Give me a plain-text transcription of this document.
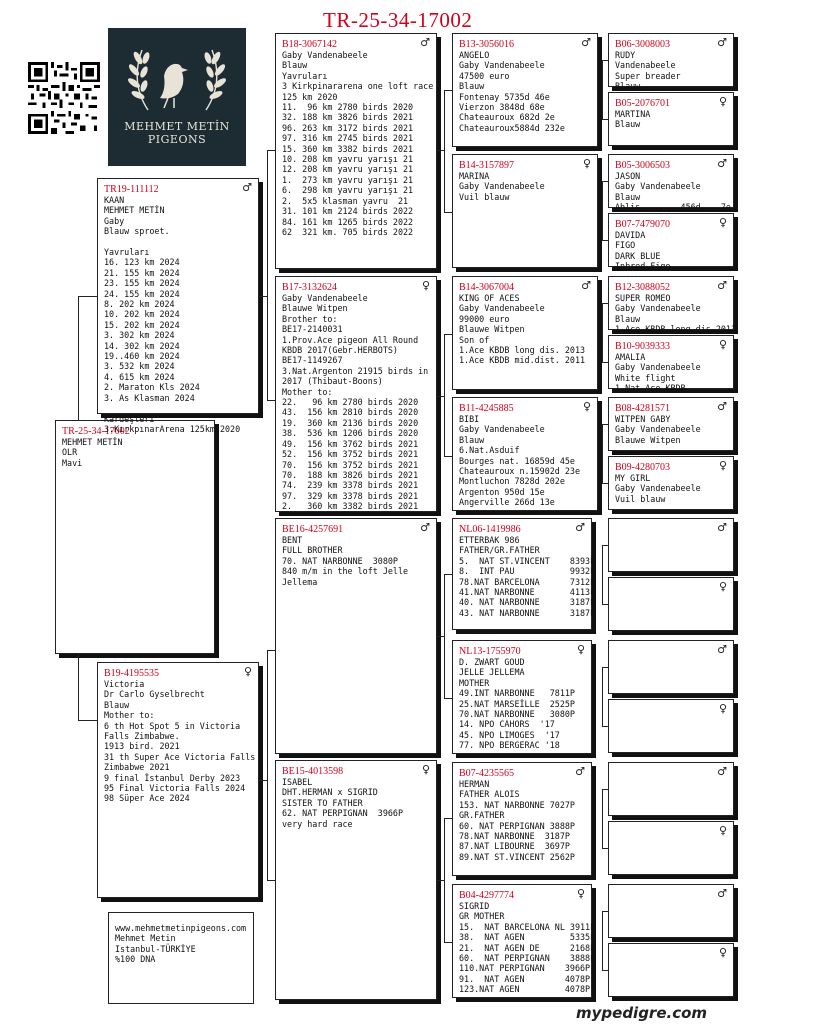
TR-25-34-17002
MEHMET METİN
PIGEONS
TR-25-34-17002
MEHMET METİN
OLR
Mavi
♂
TR19-111112
KAAN
MEHMET METİN
Gaby
Blauw sproet.
Yavruları
16. 123 km 2024
21. 155 km 2024
23. 155 km 2024
24. 155 km 2024
8. 202 km 2024
10. 202 km 2024
15. 202 km 2024
3. 302 km 2024
14. 302 km 2024
19..460 km 2024
3. 532 km 2024
4. 615 km 2024
2. Maraton Kls 2024
3. As Klasman 2024
Kardeşleri
3.KırkpınarArena 125km 2020
♀
B19-4195535
Victoria
Dr Carlo Gyselbrecht
Blauw
Mother to:
6 th Hot Spot 5 in Victoria
Falls Zimbabwe.
1913 bird. 2021
31 th Super Ace Victoria Falls
Zimbabwe 2021
9 final İstanbul Derby 2023
95 Final Victoria Falls 2024
98 Süper Ace 2024
♂
B18-3067142
Gaby Vandenabeele
Blauw
Yavruları
3 Kirkpinararena one loft race
125 km 2020
11.  96 km 2780 birds 2020
32. 188 km 3826 birds 2021
96. 263 km 3172 birds 2021
97. 316 km 2745 birds 2021
15. 360 km 3382 birds 2021
10. 208 km yavru yarışı 21
12. 208 km yavru yarışı 21
1.  273 km yavru yarışı 21
6.  298 km yavru yarışı 21
2.  5x5 klasman yavru  21
31. 101 km 2124 birds 2022
84. 161 km 1265 birds 2022
62  321 km. 705 birds 2022
♀
B17-3132624
Gaby Vandenabeele
Blauwe Witpen
Brother to:
BE17-2140031
1.Prov.Ace pigeon All Round
KBDB 2017(Gebr.HERBOTS)
BE17-1149267
3.Nat.Argenton 21915 birds in
2017 (Thibaut-Boons)
Mother to:
22.   96 km 2780 birds 2020
43.  156 km 2810 birds 2020
19.  360 km 2136 birds 2020
38.  536 km 1206 birds 2020
49.  156 km 3762 birds 2021
52.  156 km 3752 birds 2021
70.  156 km 3752 birds 2021
70.  188 km 3826 birds 2021
74.  239 km 3378 birds 2021
97.  329 km 3378 birds 2021
2.   360 km 3382 birds 2021
♂
BE16-4257691
BENT
FULL BROTHER
70. NAT NARBONNE  3080P
840 m/m in the loft Jelle
Jellema
♀
BE15-4013598
ISABEL
DHT.HERMAN x SIGRID
SISTER TO FATHER
62. NAT PERPIGNAN  3966P
very hard race
♂
B13-3056016
ANGELO
Gaby Vandenabeele
47500 euro
Blauw
Fontenay 5735d 46e
Vierzon 3848d 68e
Chateauroux 682d 2e
Chateauroux5884d 232e
♀
B14-3157897
MARINA
Gaby Vandenabeele
Vuil blauw
♂
B14-3067004
KING OF ACES
Gaby Vandenabeele
99000 euro
Blauwe Witpen
Son of
1.Ace KBDB long dis. 2013
1.Ace KBDB mid.dist. 2011
♀
B11-4245885
BIBI
Gaby Vandenabeele
Blauw
6.Nat.Asduif
Bourges nat. 16859d 45e
Chateauroux n.15902d 23e
Montluchon 7828d 202e
Argenton 950d 15e
Angerville 266d 13e
♂
NL06-1419986
ETTERBAK 986
FATHER/GR.FATHER
5.  NAT ST.VINCENT    8393P
8.  INT PAU           9932P
78.NAT BARCELONA      7312P
41.NAT NARBONNE       4113P
40. NAT NARBONNE      3187P
43. NAT NARBONNE      3187P
♀
NL13-1755970
D. ZWART GOUD
JELLE JELLEMA
MOTHER
49.INT NARBONNE   7811P
25.NAT MARSEİLLE  2525P
70.NAT NARBONNE   3080P
14. NPO CAHORS  '17
45. NPO LIMOGES  '17
77. NPO BERGERAC '18
♂
B07-4235565
HERMAN
FATHER ALOIS
153. NAT NARBONNE 7027P
GR.FATHER
60. NAT PERPIGNAN 3888P
78.NAT NARBONNE  3187P
87.NAT LIBOURNE  3697P
89.NAT ST.VINCENT 2562P
♀
B04-4297774
SIGRID
GR MOTHER
15.  NAT BARCELONA NL 3911P
38.  NAT AGEN         5335P
21.  NAT AGEN DE      2168P
60.  NAT PERPIGNAN    3888P
110.NAT PERPIGNAN    3966P
91.  NAT AGEN        4078P
123.NAT AGEN         4078P
♂
B06-3008003
RUDY
Vandenabeele
Super breader
Blauw
♀
B05-2076701
MARTINA
Blauw
♂
B05-3006503
JASON
Gaby Vandenabeele
Blauw
Ablis        456d    7e
♀
B07-7479070
DAVIDA
FIGO
DARK BLUE
Inbred Figo
♂
B12-3088052
SUPER ROMEO
Gaby Vandenabeele
Blauw
1.Ace KBDB long dis.2013
♀
B10-9039333
AMALIA
Gaby Vandenabeele
White flight
1.Nat.Ace KBDB
♂
B08-4281571
WITPEN GABY
Gaby Vandenabeele
Blauwe Witpen
♀
B09-4280703
MY GIRL
Gaby Vandenabeele
Vuil blauw
♂
♀
♂
♀
♂
♀
♂
♀
www.mehmetmetinpigeons.com
Mehmet Metin
Istanbul-TÜRKİYE
%100 DNA
mypedigre.com
